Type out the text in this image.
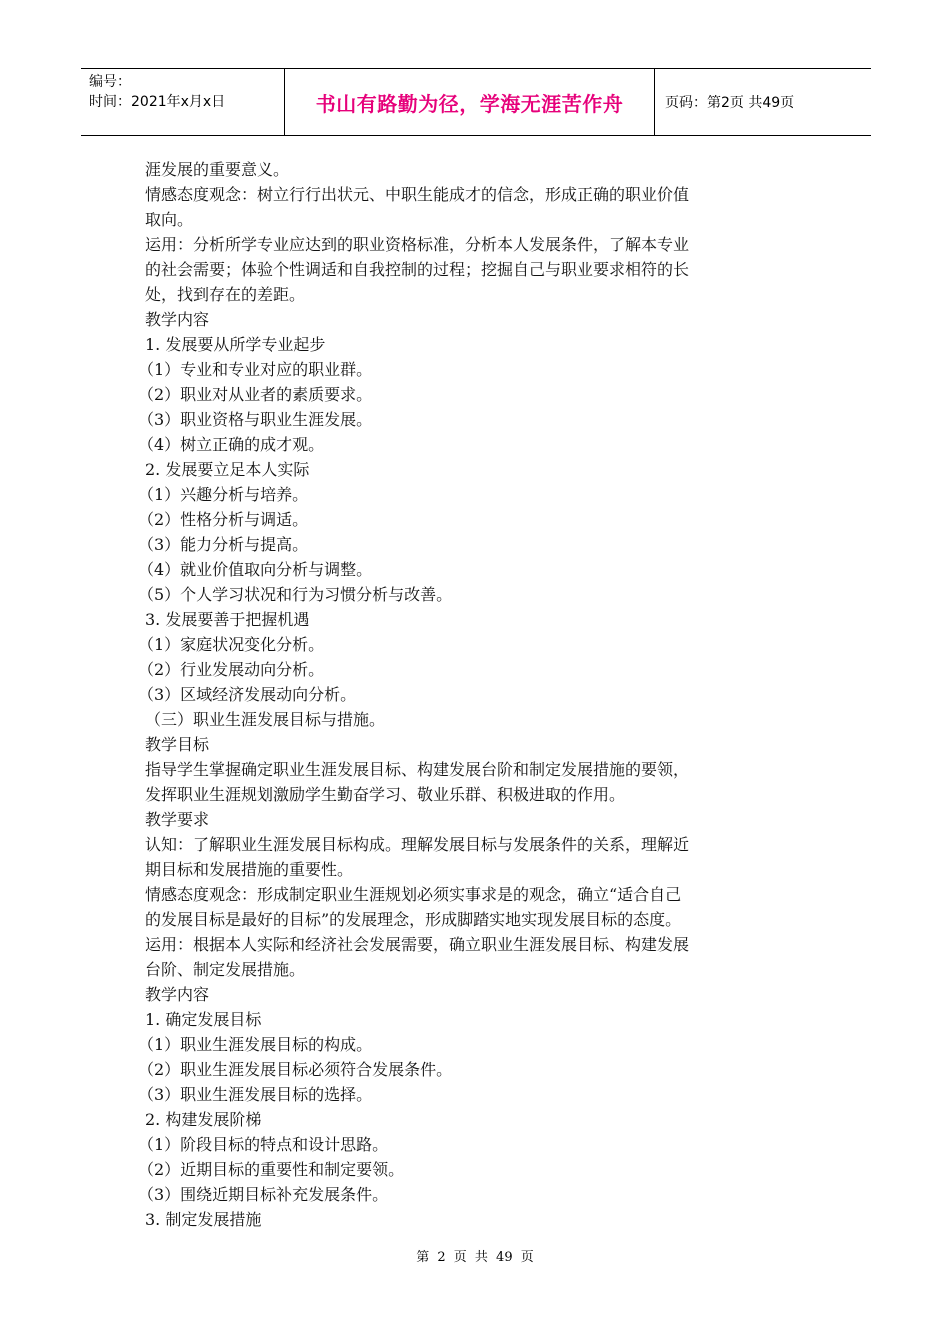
编号：
时间：2021年x月x日	书山有路勤为径，学海无涯苦作舟	页码：第2页 共49页

涯发展的重要意义。

情感态度观念：树立行行出状元、中职生能成才的信念，形成正确的职业价值

取向。

运用：分析所学专业应达到的职业资格标准，分析本人发展条件，了解本专业

的社会需要；体验个性调适和自我控制的过程；挖掘自己与职业要求相符的长

处，找到存在的差距。

教学内容

1. 发展要从所学专业起步

（1）专业和专业对应的职业群。

（2）职业对从业者的素质要求。

（3）职业资格与职业生涯发展。

（4）树立正确的成才观。

2. 发展要立足本人实际

（1）兴趣分析与培养。

（2）性格分析与调适。

（3）能力分析与提高。

（4）就业价值取向分析与调整。

（5）个人学习状况和行为习惯分析与改善。

3. 发展要善于把握机遇

（1）家庭状况变化分析。

（2）行业发展动向分析。

（3）区域经济发展动向分析。

（三）职业生涯发展目标与措施。

教学目标

指导学生掌握确定职业生涯发展目标、构建发展台阶和制定发展措施的要领，

发挥职业生涯规划激励学生勤奋学习、敬业乐群、积极进取的作用。

教学要求

认知：了解职业生涯发展目标构成。理解发展目标与发展条件的关系，理解近

期目标和发展措施的重要性。

情感态度观念：形成制定职业生涯规划必须实事求是的观念，确立“适合自己

的发展目标是最好的目标”的发展理念，形成脚踏实地实现发展目标的态度。

运用：根据本人实际和经济社会发展需要，确立职业生涯发展目标、构建发展

台阶、制定发展措施。

教学内容

1. 确定发展目标

（1）职业生涯发展目标的构成。

（2）职业生涯发展目标必须符合发展条件。

（3）职业生涯发展目标的选择。

2. 构建发展阶梯

（1）阶段目标的特点和设计思路。

（2）近期目标的重要性和制定要领。

（3）围绕近期目标补充发展条件。

3. 制定发展措施

第 2 页 共 49 页
